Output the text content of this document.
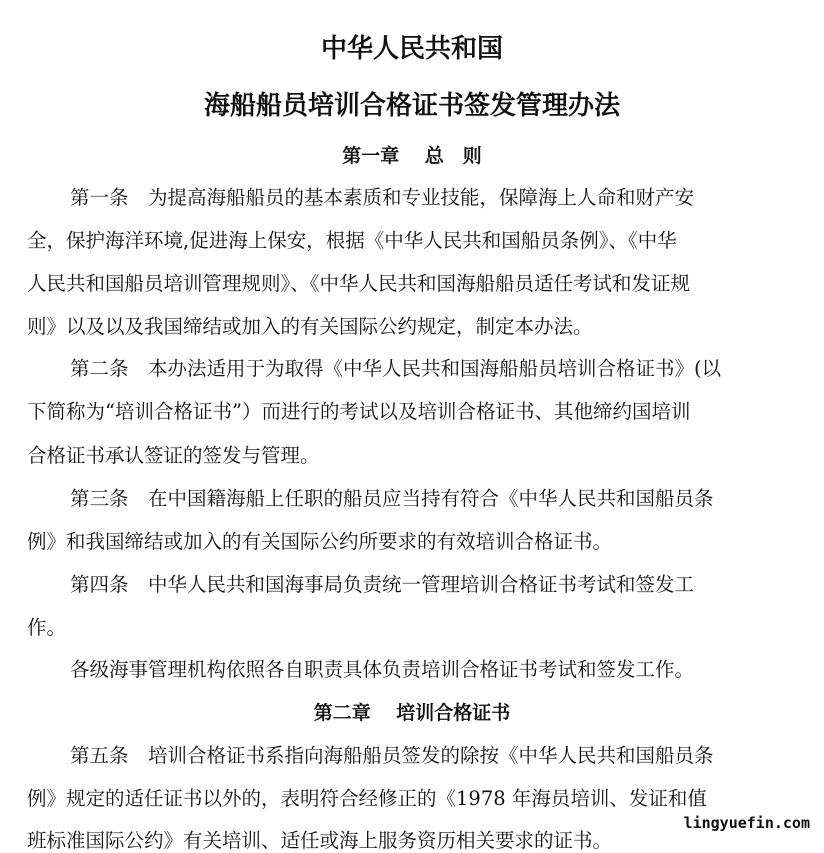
中华人民共和国
海船船员培训合格证书签发管理办法
第一章　 总　则
第一条　为提高海船船员的基本素质和专业技能，保障海上人命和财产安
全，保护海洋环境,促进海上保安，根据《中华人民共和国船员条例》、《中华
人民共和国船员培训管理规则》、《中华人民共和国海船船员适任考试和发证规
则》以及以及我国缔结或加入的有关国际公约规定，制定本办法。
第二条　本办法适用于为取得《中华人民共和国海船船员培训合格证书》(以
下简称为“培训合格证书”）而进行的考试以及培训合格证书、其他缔约国培训
合格证书承认签证的签发与管理。
第三条　在中国籍海船上任职的船员应当持有符合《中华人民共和国船员条
例》和我国缔结或加入的有关国际公约所要求的有效培训合格证书。
第四条　中华人民共和国海事局负责统一管理培训合格证书考试和签发工
作。
各级海事管理机构依照各自职责具体负责培训合格证书考试和签发工作。
第二章　 培训合格证书
第五条　培训合格证书系指向海船船员签发的除按《中华人民共和国船员条
例》规定的适任证书以外的，表明符合经修正的《1978 年海员培训、发证和值
班标准国际公约》有关培训、适任或海上服务资历相关要求的证书。
lingyuefin.com
